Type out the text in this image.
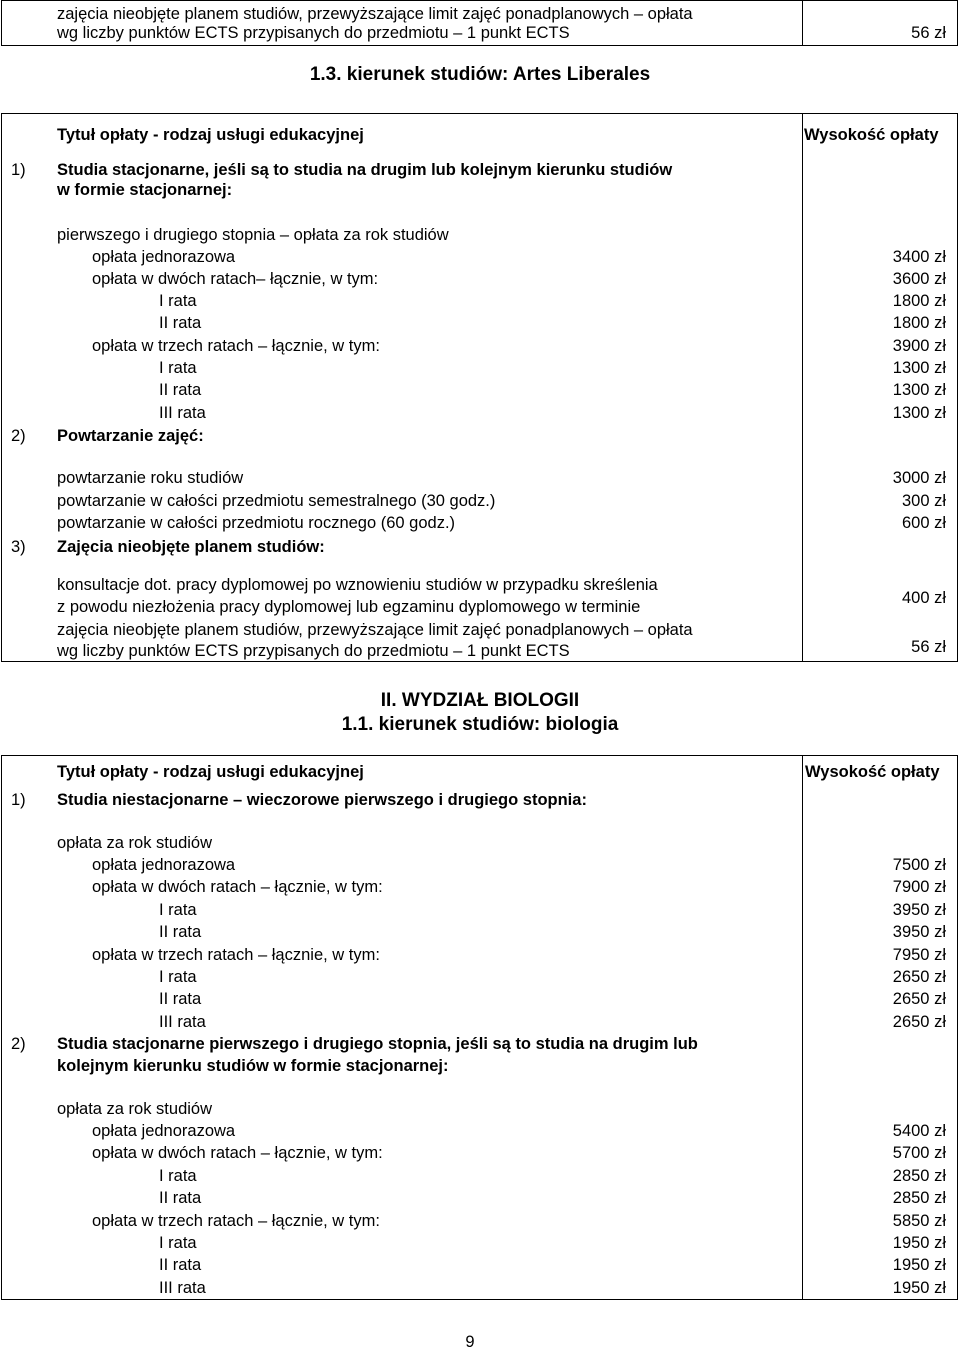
zajęcia nieobjęte planem studiów, przewyższające limit zajęć ponadplanowych – opłata
wg liczby punktów ECTS przypisanych do przedmiotu – 1 punkt ECTS	56 zł
1.3. kierunek studiów: Artes Liberales
Tytuł opłaty - rodzaj usługi edukacyjnej	Wysokość opłaty
1) Studia stacjonarne, jeśli są to studia na drugim lub kolejnym kierunku studiów
w formie stacjonarnej:
pierwszego i drugiego stopnia – opłata za rok studiów
opłata jednorazowa	3400 zł
opłata w dwóch ratach– łącznie, w tym:	3600 zł
I rata	1800 zł
II rata	1800 zł
opłata w trzech ratach – łącznie, w tym:	3900 zł
I rata	1300 zł
II rata	1300 zł
III rata	1300 zł
2) Powtarzanie zajęć:
powtarzanie roku studiów	3000 zł
powtarzanie w całości przedmiotu semestralnego (30 godz.)	300 zł
powtarzanie w całości przedmiotu rocznego (60 godz.)	600 zł
3) Zajęcia nieobjęte planem studiów:
konsultacje dot. pracy dyplomowej po wznowieniu studiów w przypadku skreślenia
z powodu niezłożenia pracy dyplomowej lub egzaminu dyplomowego w terminie	400 zł
zajęcia nieobjęte planem studiów, przewyższające limit zajęć ponadplanowych – opłata
wg liczby punktów ECTS przypisanych do przedmiotu – 1 punkt ECTS	56 zł
II. WYDZIAŁ BIOLOGII
1.1. kierunek studiów: biologia
Tytuł opłaty - rodzaj usługi edukacyjnej	Wysokość opłaty
1) Studia niestacjonarne – wieczorowe pierwszego i drugiego stopnia:
opłata za rok studiów
opłata jednorazowa	7500 zł
opłata w dwóch ratach – łącznie, w tym:	7900 zł
I rata	3950 zł
II rata	3950 zł
opłata w trzech ratach – łącznie, w tym:	7950 zł
I rata	2650 zł
II rata	2650 zł
III rata	2650 zł
2) Studia stacjonarne pierwszego i drugiego stopnia, jeśli są to studia na drugim lub
kolejnym kierunku studiów w formie stacjonarnej:
opłata za rok studiów
opłata jednorazowa	5400 zł
opłata w dwóch ratach – łącznie, w tym:	5700 zł
I rata	2850 zł
II rata	2850 zł
opłata w trzech ratach – łącznie, w tym:	5850 zł
I rata	1950 zł
II rata	1950 zł
III rata	1950 zł
9
